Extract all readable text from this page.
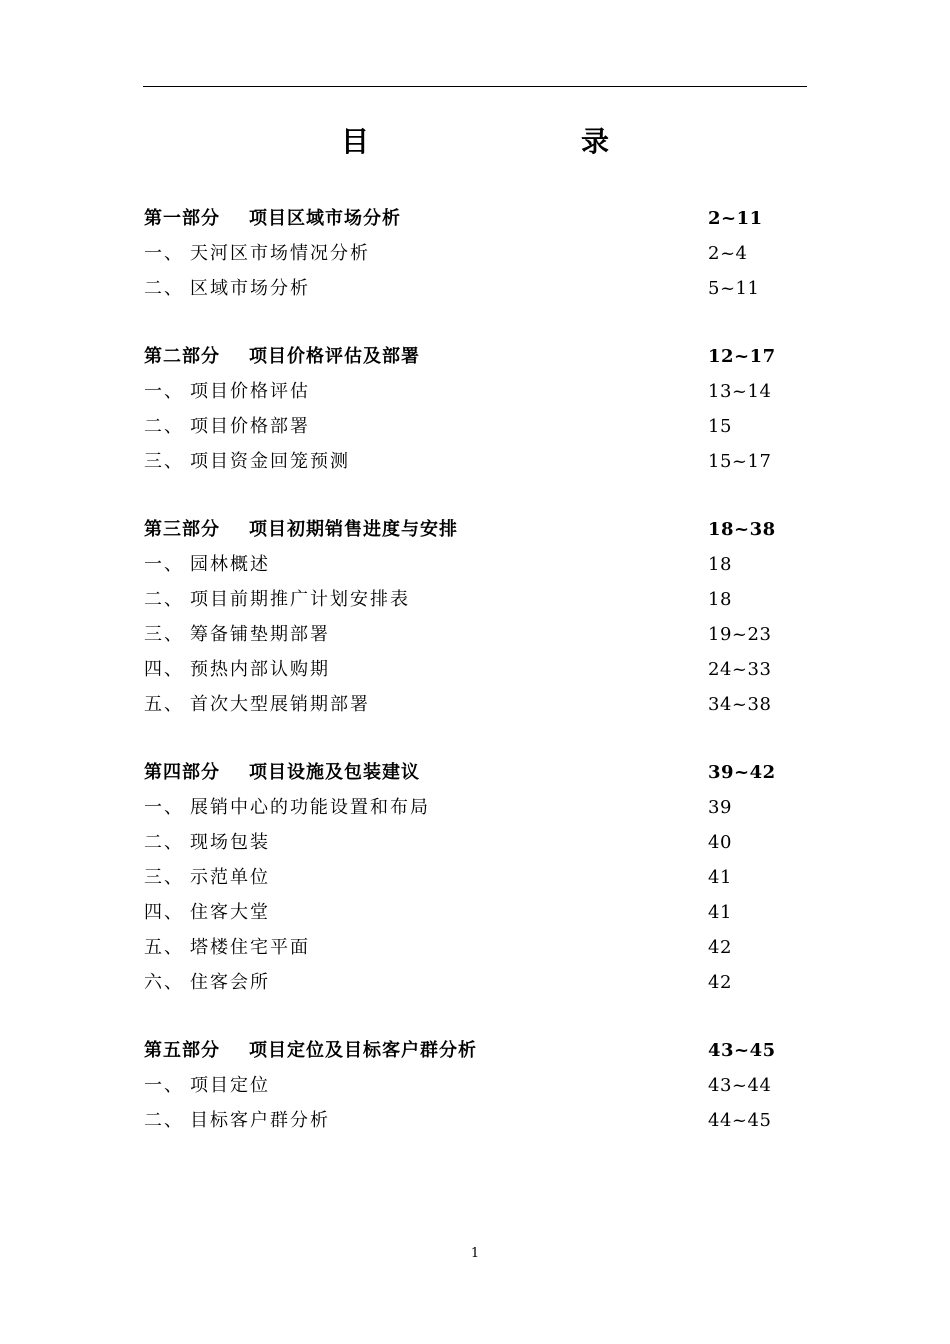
目　　录
第一部分 项目区域市场分析	2~11
一、 天河区市场情况分析	2~4
二、 区域市场分析	5~11
第二部分 项目价格评估及部署	12~17
一、 项目价格评估	13~14
二、 项目价格部署	15
三、 项目资金回笼预测	15~17
第三部分 项目初期销售进度与安排	18~38
一、 园林概述	18
二、 项目前期推广计划安排表	18
三、 筹备铺垫期部署	19~23
四、 预热内部认购期	24~33
五、 首次大型展销期部署	34~38
第四部分 项目设施及包装建议	39~42
一、 展销中心的功能设置和布局	39
二、 现场包装	40
三、 示范单位	41
四、 住客大堂	41
五、 塔楼住宅平面	42
六、 住客会所	42
第五部分 项目定位及目标客户群分析	43~45
一、 项目定位	43~44
二、 目标客户群分析	44~45
1
